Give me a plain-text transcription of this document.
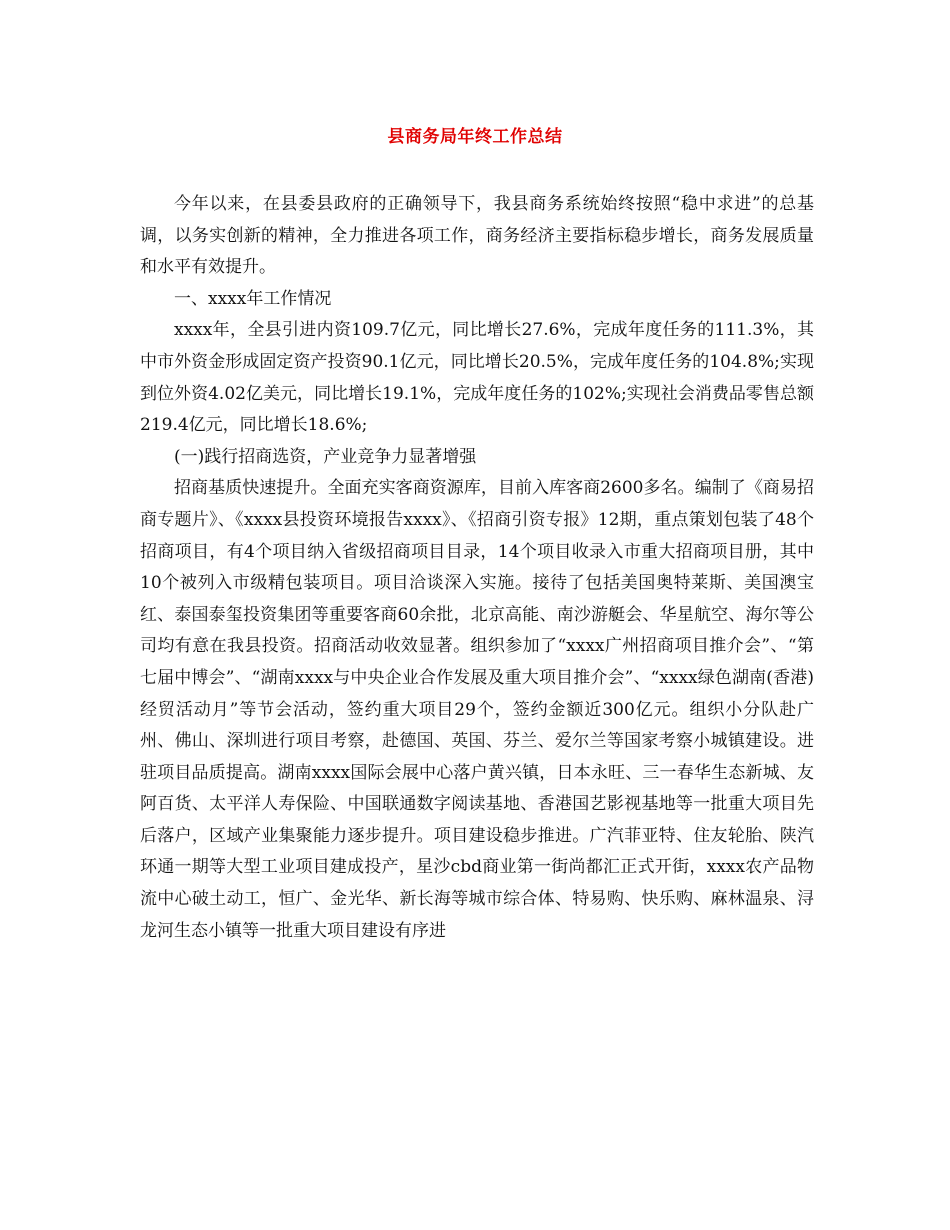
县商务局年终工作总结

今年以来，在县委县政府的正确领导下，我县商务系统始终按照“稳中求进”的总基调，以务实创新的精神，全力推进各项工作，商务经济主要指标稳步增长，商务发展质量和水平有效提升。

一、xxxx年工作情况

xxxx年，全县引进内资109.7亿元，同比增长27.6%，完成年度任务的111.3%，其中市外资金形成固定资产投资90.1亿元，同比增长20.5%，完成年度任务的104.8%;实现到位外资4.02亿美元，同比增长19.1%，完成年度任务的102%;实现社会消费品零售总额219.4亿元，同比增长18.6%;

(一)践行招商选资，产业竞争力显著增强

招商基质快速提升。全面充实客商资源库，目前入库客商2600多名。编制了《商易招商专题片》、《xxxx县投资环境报告xxxx》、《招商引资专报》12期，重点策划包装了48个招商项目，有4个项目纳入省级招商项目目录，14个项目收录入市重大招商项目册，其中10个被列入市级精包装项目。项目洽谈深入实施。接待了包括美国奥特莱斯、美国澳宝红、泰国泰玺投资集团等重要客商60余批，北京高能、南沙游艇会、华星航空、海尔等公司均有意在我县投资。招商活动收效显著。组织参加了“xxxx广州招商项目推介会”、“第七届中博会”、“湖南xxxx与中央企业合作发展及重大项目推介会”、“xxxx绿色湖南(香港)经贸活动月”等节会活动，签约重大项目29个，签约金额近300亿元。组织小分队赴广州、佛山、深圳进行项目考察，赴德国、英国、芬兰、爱尔兰等国家考察小城镇建设。进驻项目品质提高。湖南xxxx国际会展中心落户黄兴镇，日本永旺、三一春华生态新城、友阿百货、太平洋人寿保险、中国联通数字阅读基地、香港国艺影视基地等一批重大项目先后落户，区域产业集聚能力逐步提升。项目建设稳步推进。广汽菲亚特、住友轮胎、陕汽环通一期等大型工业项目建成投产，星沙cbd商业第一街尚都汇正式开街，xxxx农产品物流中心破土动工，恒广、金光华、新长海等城市综合体、特易购、快乐购、麻林温泉、浔龙河生态小镇等一批重大项目建设有序进
